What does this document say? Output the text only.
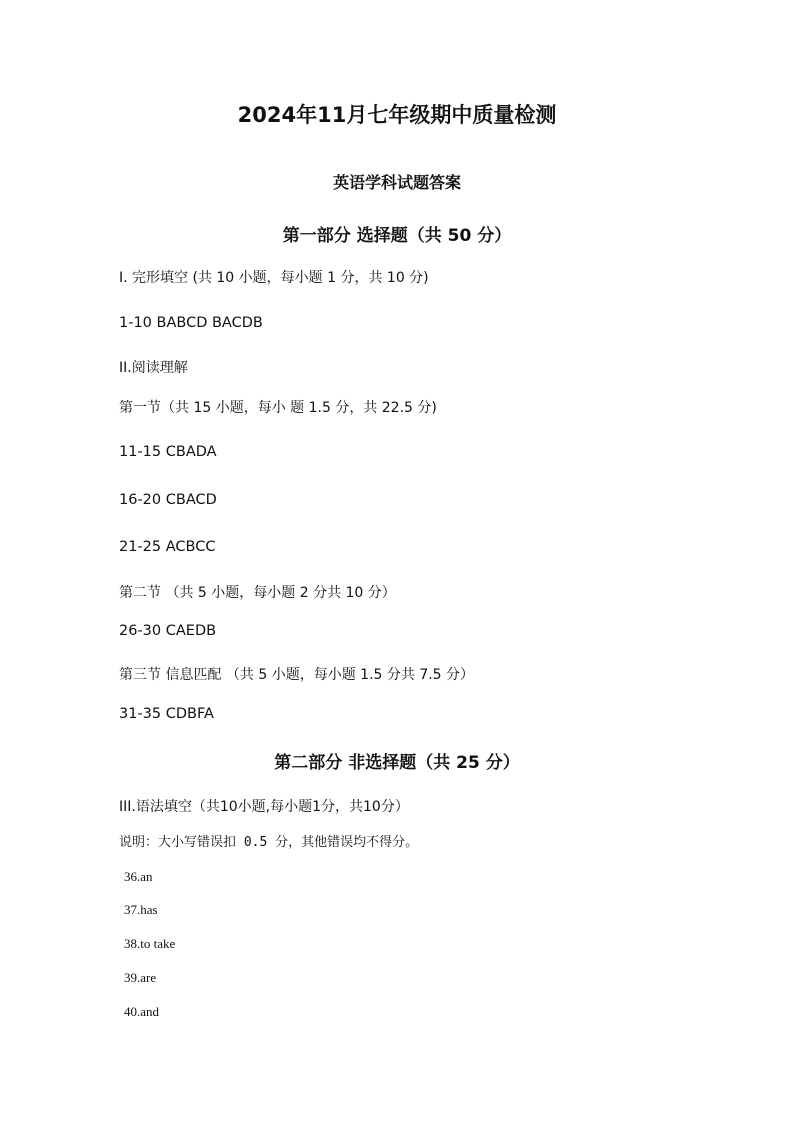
2024年11月七年级期中质量检测
英语学科试题答案
第一部分 选择题（共 50 分）
I. 完形填空 (共 10 小题，每小题 1 分，共 10 分)
1-10 BABCD BACDB
II.阅读理解
第一节（共 15 小题，每小 题 1.5 分，共 22.5 分)
11-15 CBADA
16-20 CBACD
21-25 ACBCC
第二节 （共 5 小题，每小题 2 分共 10 分）
26-30 CAEDB
第三节 信息匹配 （共 5 小题，每小题 1.5 分共 7.5 分）
31-35 CDBFA
第二部分 非选择题（共 25 分）
III.语法填空（共10小题,每小题1分，共10分）
说明：大小写错误扣 0.5 分，其他错误均不得分。
36.an
37.has
38.to take
39.are
40.and
